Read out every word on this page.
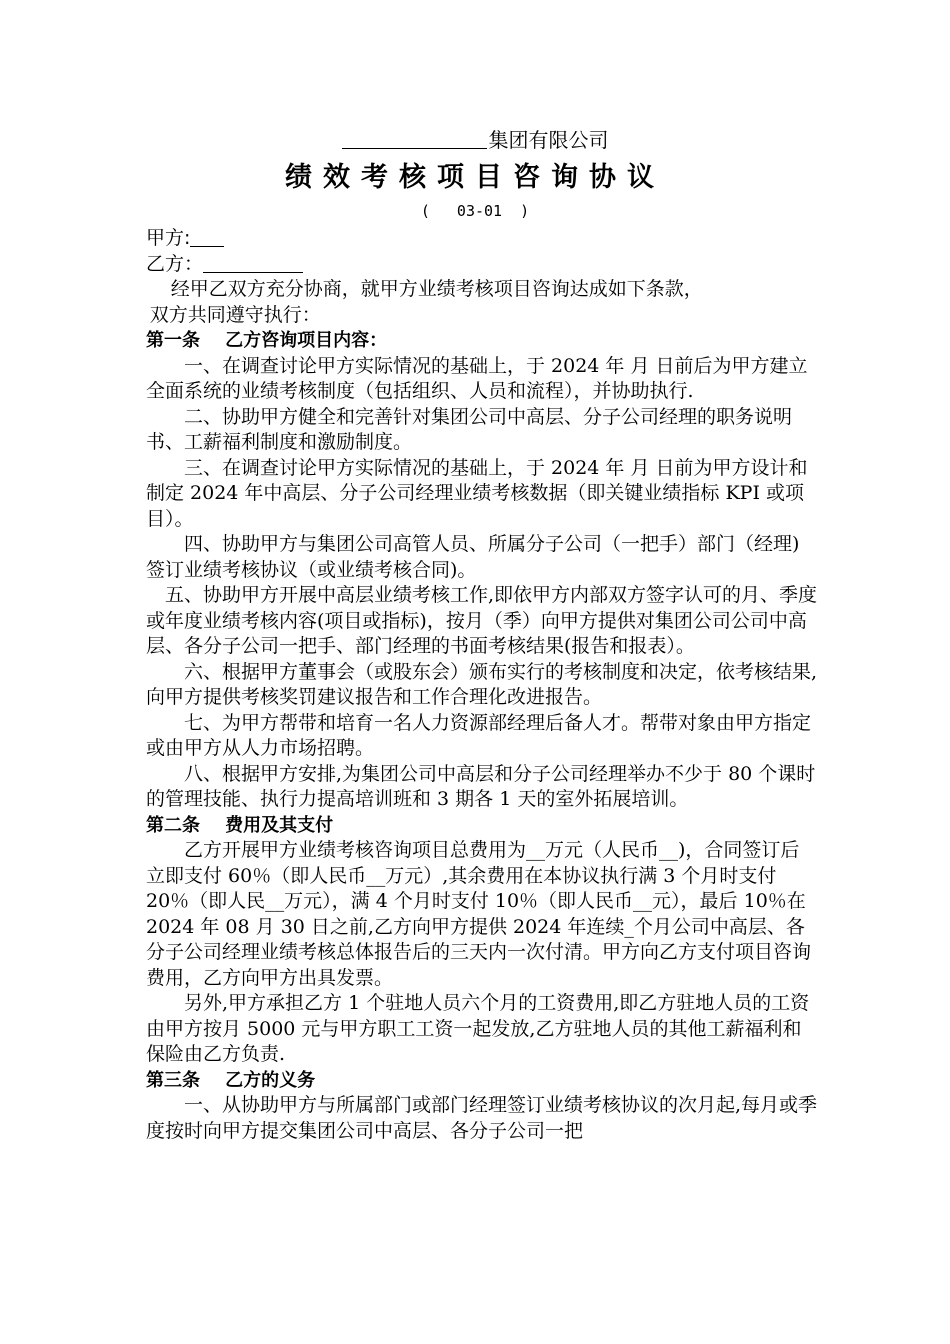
集团有限公司
绩效考核项目咨询协议
(   03-01  )
甲方:
乙方：

经甲乙双方充分协商，就甲方业绩考核项目咨询达成如下条款，

双方共同遵守执行：

第一条    乙方咨询项目内容：

一、在调查讨论甲方实际情况的基础上，于 2024 年 月 日前后为甲方建立全面系统的业绩考核制度（包括组织、人员和流程），并协助执行.

二、协助甲方健全和完善针对集团公司中高层、分子公司经理的职务说明书、工薪福利制度和激励制度。

三、在调查讨论甲方实际情况的基础上，于 2024 年 月 日前为甲方设计和制定 2024 年中高层、分子公司经理业绩考核数据（即关键业绩指标 KPI 或项目）。

四、协助甲方与集团公司高管人员、所属分子公司（一把手）部门（经理)签订业绩考核协议（或业绩考核合同)。

五、协助甲方开展中高层业绩考核工作,即依甲方内部双方签字认可的月、季度或年度业绩考核内容(项目或指标)，按月（季）向甲方提供对集团公司公司中高层、各分子公司一把手、部门经理的书面考核结果(报告和报表）。

六、根据甲方董事会（或股东会）颁布实行的考核制度和决定，依考核结果,向甲方提供考核奖罚建议报告和工作合理化改进报告。

七、为甲方帮带和培育一名人力资源部经理后备人才。帮带对象由甲方指定或由甲方从人力市场招聘。

八、根据甲方安排,为集团公司中高层和分子公司经理举办不少于 80 个课时的管理技能、执行力提高培训班和 3 期各 1 天的室外拓展培训。

第二条    费用及其支付

乙方开展甲方业绩考核咨询项目总费用为__万元（人民币__)，合同签订后立即支付 60％（即人民币__万元）,其余费用在本协议执行满 3 个月时支付 20％（即人民__万元），满 4 个月时支付 10％（即人民币__元），最后 10％在 2024 年 08 月 30 日之前,乙方向甲方提供 2024 年连续_个月公司中高层、各分子公司经理业绩考核总体报告后的三天内一次付清。甲方向乙方支付项目咨询费用，乙方向甲方出具发票。

另外,甲方承担乙方 1 个驻地人员六个月的工资费用,即乙方驻地人员的工资由甲方按月 5000 元与甲方职工工资一起发放,乙方驻地人员的其他工薪福利和保险由乙方负责.

第三条    乙方的义务

一、从协助甲方与所属部门或部门经理签订业绩考核协议的次月起,每月或季度按时向甲方提交集团公司中高层、各分子公司一把
